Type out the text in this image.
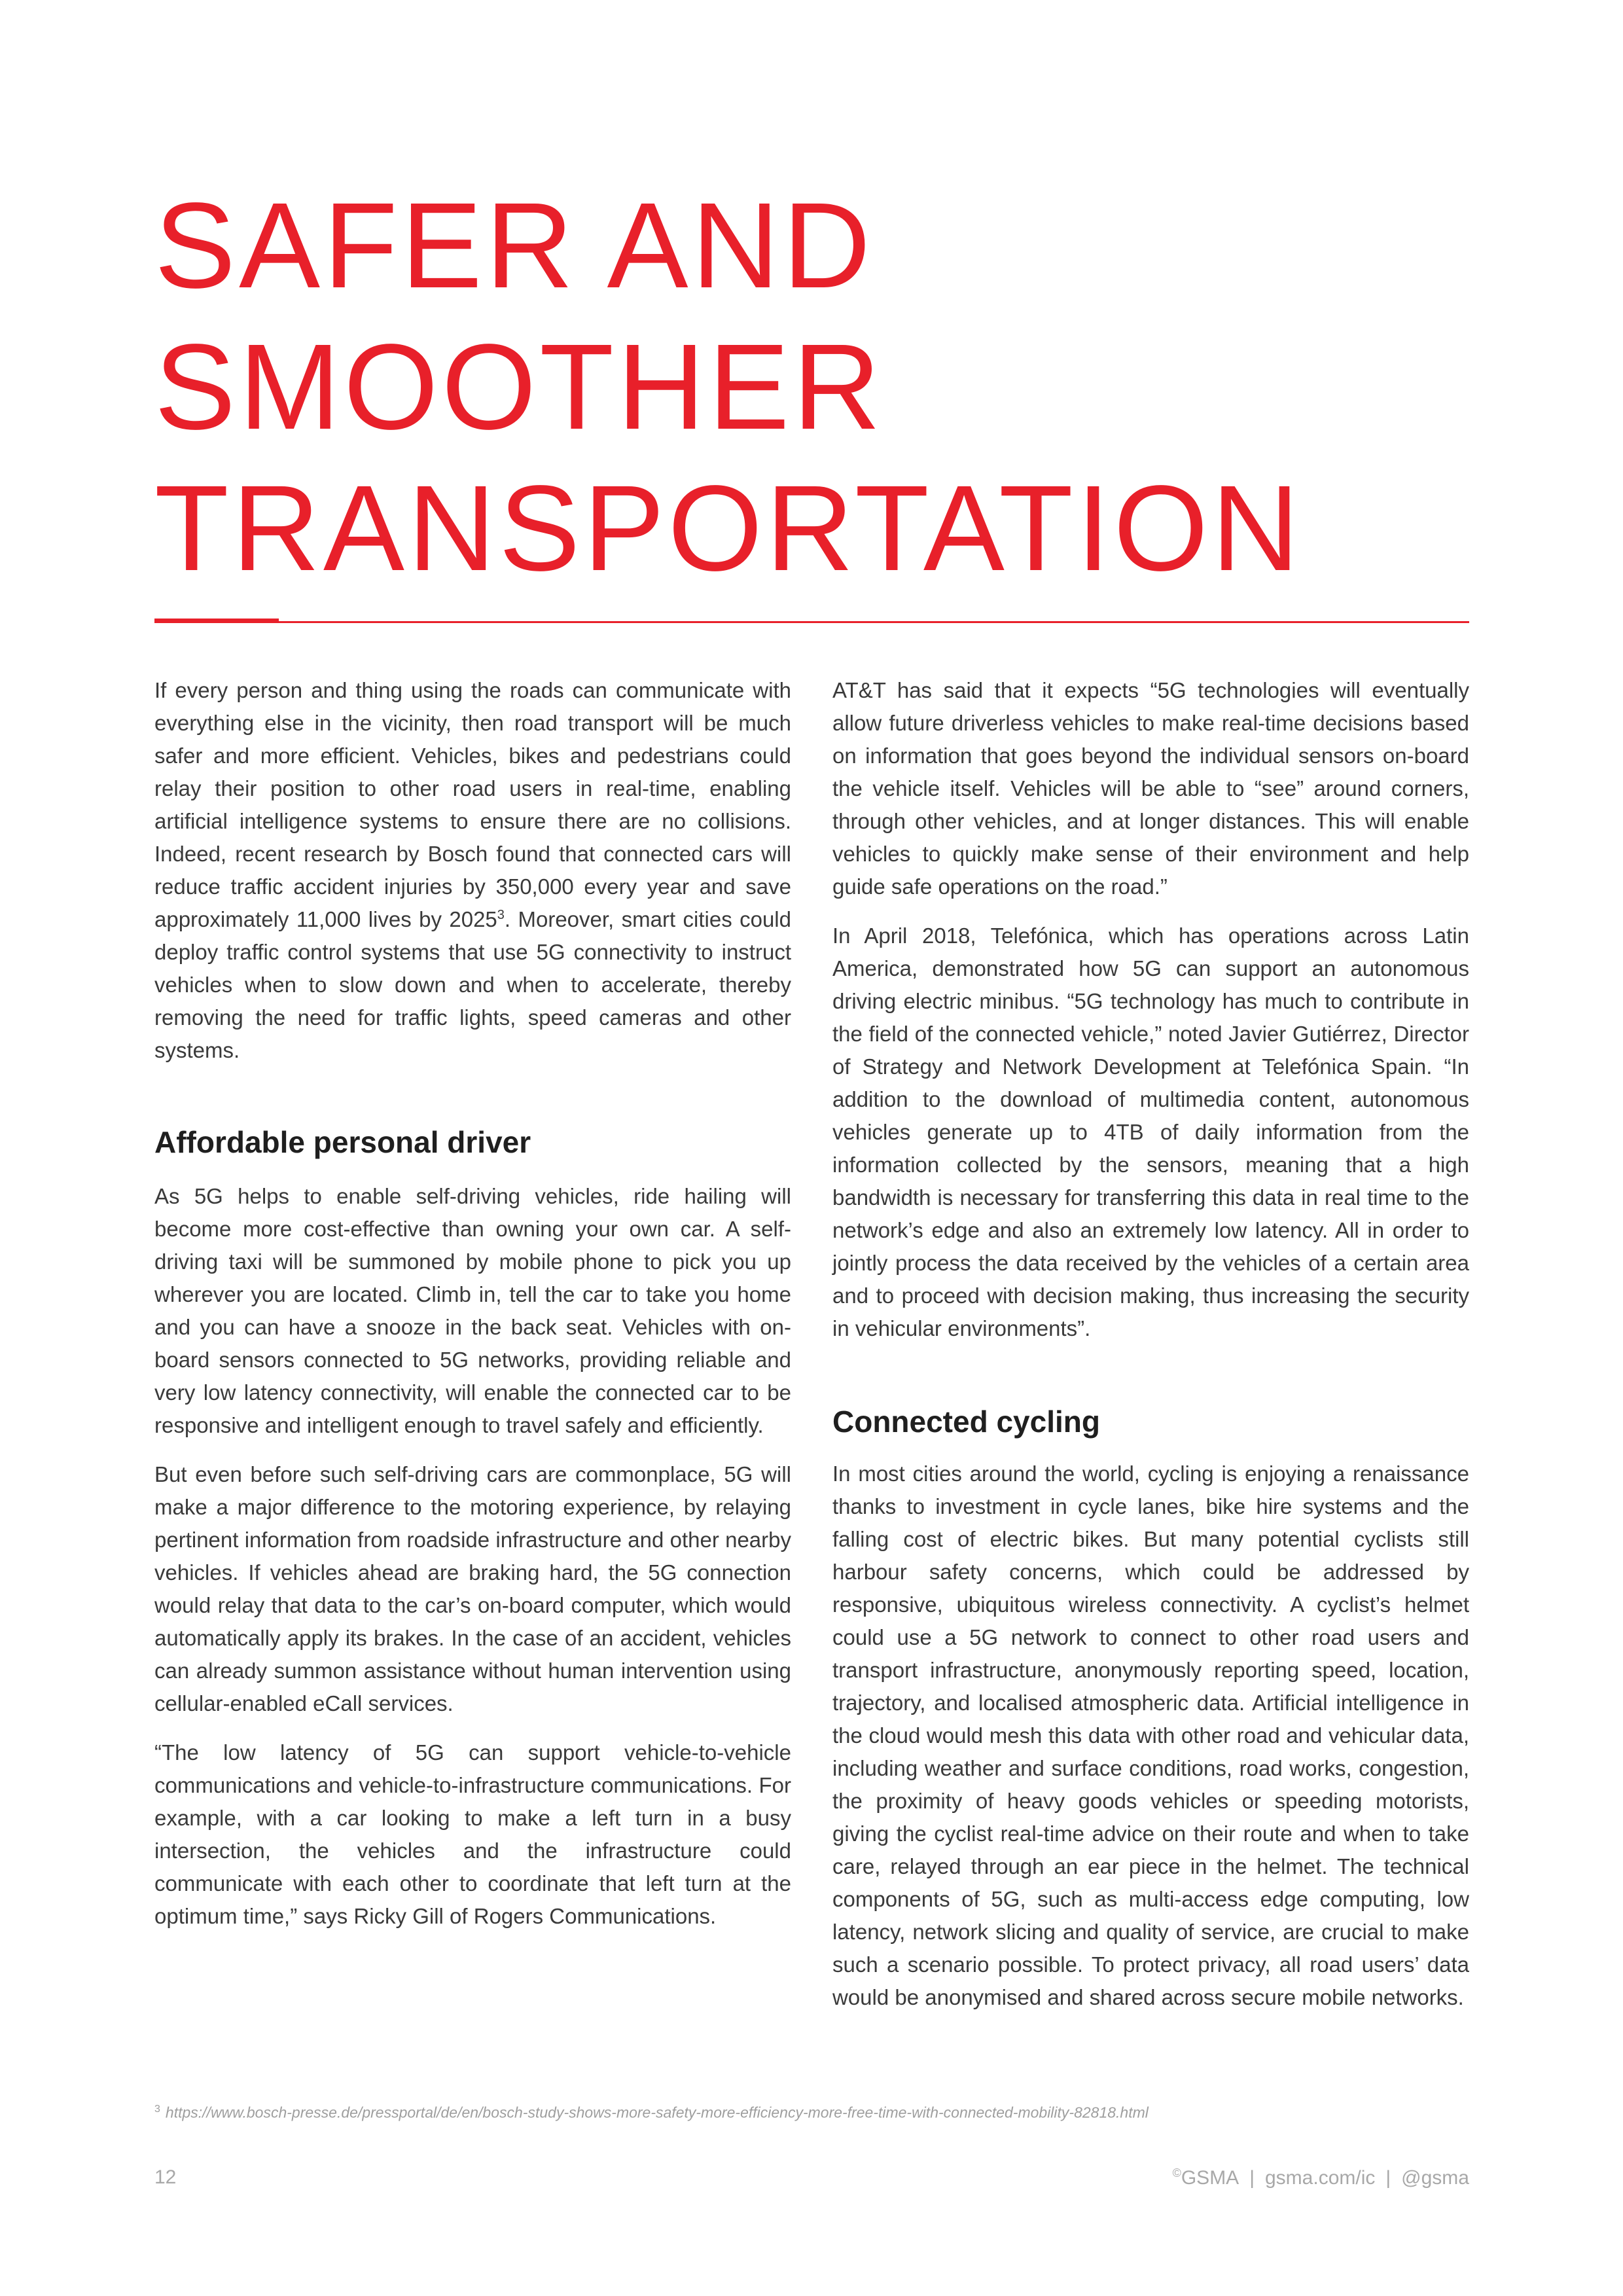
SAFER AND
SMOOTHER
TRANSPORTATION

If every person and thing using the roads can communicate with everything else in the vicinity, then road transport will be much safer and more efficient. Vehicles, bikes and pedestrians could relay their position to other road users in real-time, enabling artificial intelligence systems to ensure there are no collisions. Indeed, recent research by Bosch found that connected cars will reduce traffic accident injuries by 350,000 every year and save approximately 11,000 lives by 2025$^3$. Moreover, smart cities could deploy traffic control systems that use 5G connectivity to instruct vehicles when to slow down and when to accelerate, thereby removing the need for traffic lights, speed cameras and other systems.

Affordable personal driver

As 5G helps to enable self-driving vehicles, ride hailing will become more cost-effective than owning your own car. A self-driving taxi will be summoned by mobile phone to pick you up wherever you are located. Climb in, tell the car to take you home and you can have a snooze in the back seat. Vehicles with on-board sensors connected to 5G networks, providing reliable and very low latency connectivity, will enable the connected car to be responsive and intelligent enough to travel safely and efficiently.

But even before such self-driving cars are commonplace, 5G will make a major difference to the motoring experience, by relaying pertinent information from roadside infrastructure and other nearby vehicles. If vehicles ahead are braking hard, the 5G connection would relay that data to the car’s on-board computer, which would automatically apply its brakes. In the case of an accident, vehicles can already summon assistance without human intervention using cellular-enabled eCall services.

“The low latency of 5G can support vehicle-to-vehicle communications and vehicle-to-infrastructure communications. For example, with a car looking to make a left turn in a busy intersection, the vehicles and the infrastructure could communicate with each other to coordinate that left turn at the optimum time,” says Ricky Gill of Rogers Communications.

AT&T has said that it expects “5G technologies will eventually allow future driverless vehicles to make real-time decisions based on information that goes beyond the individual sensors on-board the vehicle itself. Vehicles will be able to “see” around corners, through other vehicles, and at longer distances. This will enable vehicles to quickly make sense of their environment and help guide safe operations on the road.”

In April 2018, Telefónica, which has operations across Latin America, demonstrated how 5G can support an autonomous driving electric minibus. “5G technology has much to contribute in the field of the connected vehicle,” noted Javier Gutiérrez, Director of Strategy and Network Development at Telefónica Spain. “In addition to the download of multimedia content, autonomous vehicles generate up to 4TB of daily information from the information collected by the sensors, meaning that a high bandwidth is necessary for transferring this data in real time to the network’s edge and also an extremely low latency. All in order to jointly process the data received by the vehicles of a certain area and to proceed with decision making, thus increasing the security in vehicular environments”.

Connected cycling

In most cities around the world, cycling is enjoying a renaissance thanks to investment in cycle lanes, bike hire systems and the falling cost of electric bikes. But many potential cyclists still harbour safety concerns, which could be addressed by responsive, ubiquitous wireless connectivity. A cyclist’s helmet could use a 5G network to connect to other road users and transport infrastructure, anonymously reporting speed, location, trajectory, and localised atmospheric data. Artificial intelligence in the cloud would mesh this data with other road and vehicular data, including weather and surface conditions, road works, congestion, the proximity of heavy goods vehicles or speeding motorists, giving the cyclist real-time advice on their route and when to take care, relayed through an ear piece in the helmet. The technical components of 5G, such as multi-access edge computing, low latency, network slicing and quality of service, are crucial to make such a scenario possible. To protect privacy, all road users’ data would be anonymised and shared across secure mobile networks.

$^3$ https://www.bosch-presse.de/pressportal/de/en/bosch-study-shows-more-safety-more-efficiency-more-free-time-with-connected-mobility-82818.html

12	©GSMA | gsma.com/ic | @gsma
